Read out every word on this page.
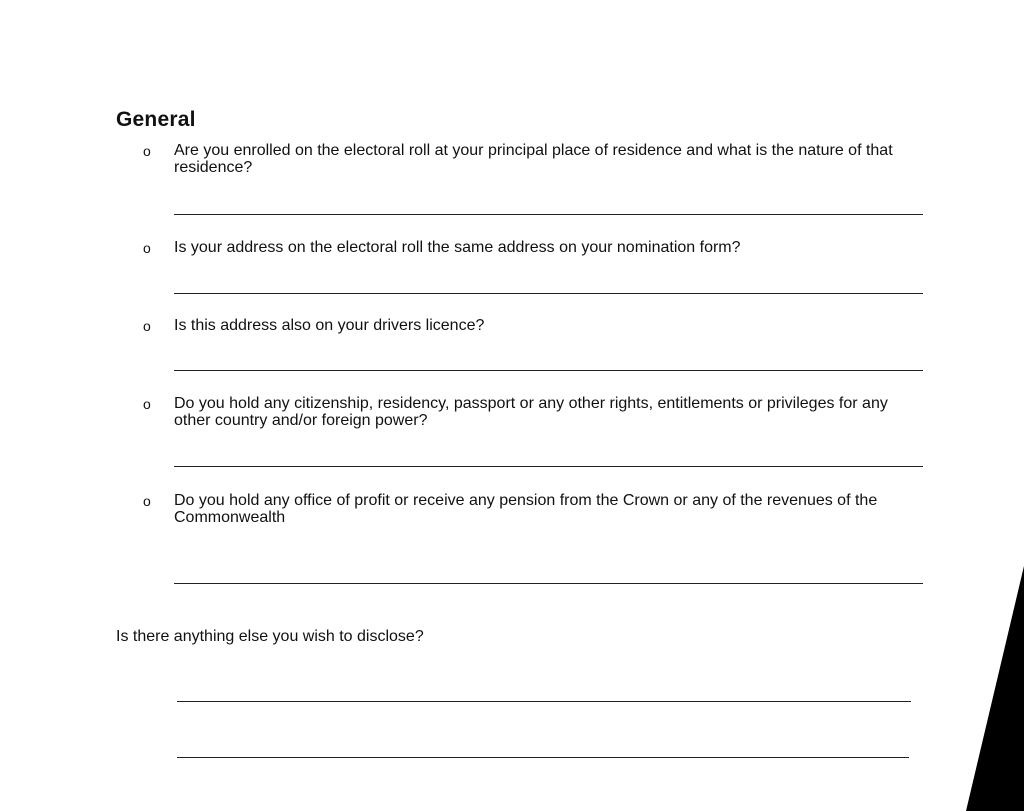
General
o Are you enrolled on the electoral roll at your principal place of residence and what is the nature of that residence?
o Is your address on the electoral roll the same address on your nomination form?
o Is this address also on your drivers licence?
o Do you hold any citizenship, residency, passport or any other rights, entitlements or privileges for any other country and/or foreign power?
o Do you hold any office of profit or receive any pension from the Crown or any of the revenues of the Commonwealth
Is there anything else you wish to disclose?
